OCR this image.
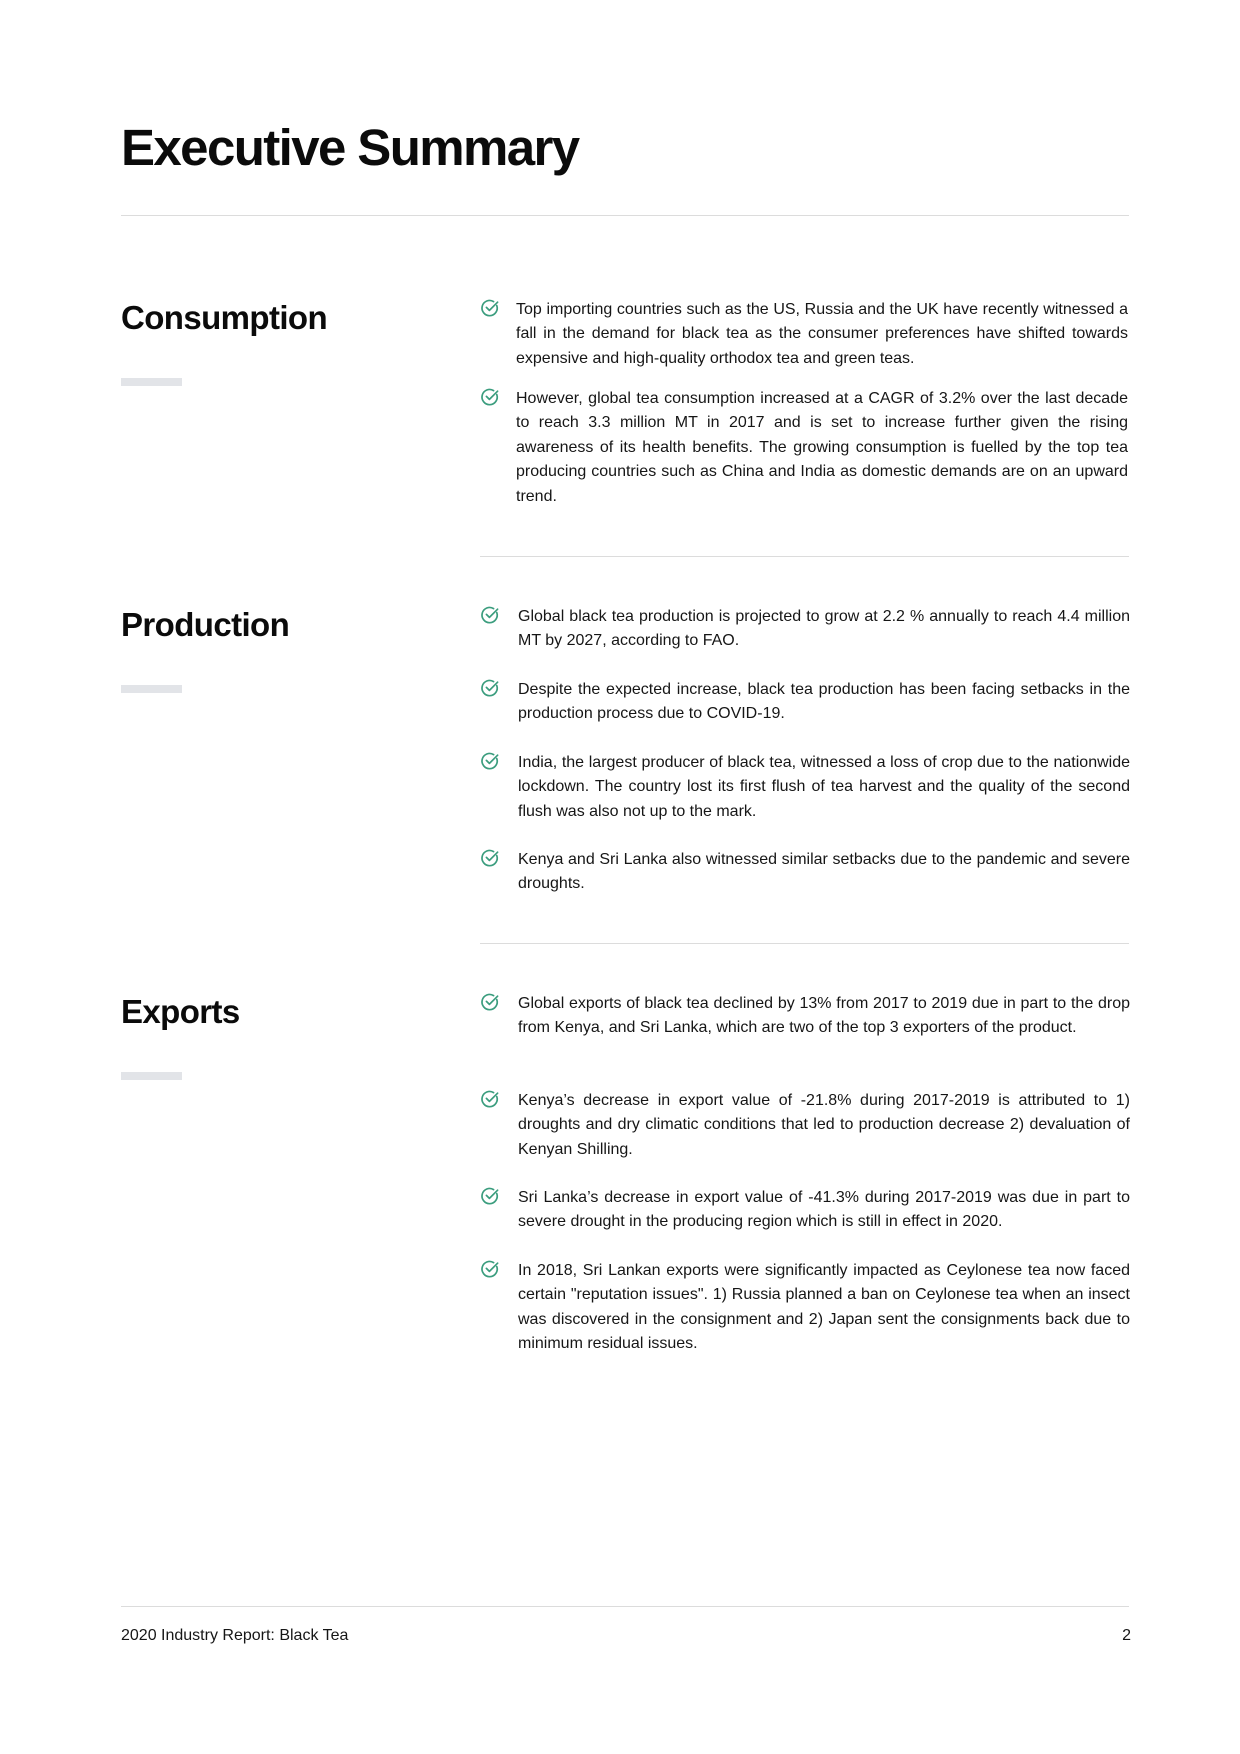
Executive Summary
Consumption	Top importing countries such as the US, Russia and the UK have recently witnessed a fall in the demand for black tea as the consumer preferences have shifted towards expensive and high-quality orthodox tea and green teas.

However, global tea consumption increased at a CAGR of 3.2% over the last decade to reach 3.3 million MT in 2017 and is set to increase further given the rising awareness of its health benefits. The growing consumption is fuelled by the top tea producing countries such as China and India as domestic demands are on an upward trend.

Production	Global black tea production is projected to grow at 2.2 % annually to reach 4.4 million MT by 2027, according to FAO.

Despite the expected increase, black tea production has been facing setbacks in the production process due to COVID-19.

India, the largest producer of black tea, witnessed a loss of crop due to the nationwide lockdown. The country lost its first flush of tea harvest and the quality of the second flush was also not up to the mark.

Kenya and Sri Lanka also witnessed similar setbacks due to the pandemic and severe droughts.

Exports	Global exports of black tea declined by 13% from 2017 to 2019 due in part to the drop from Kenya, and Sri Lanka, which are two of the top 3 exporters of the product.

Kenya’s decrease in export value of -21.8% during 2017-2019 is attributed to 1) droughts and dry climatic conditions that led to production decrease 2) devaluation of Kenyan Shilling.

Sri Lanka’s decrease in export value of -41.3% during 2017-2019 was due in part to severe drought in the producing region which is still in effect in 2020.

In 2018, Sri Lankan exports were significantly impacted as Ceylonese tea now faced certain "reputation issues". 1) Russia planned a ban on Ceylonese tea when an insect was discovered in the consignment and 2) Japan sent the consignments back due to minimum residual issues.

2020 Industry Report: Black Tea	2
